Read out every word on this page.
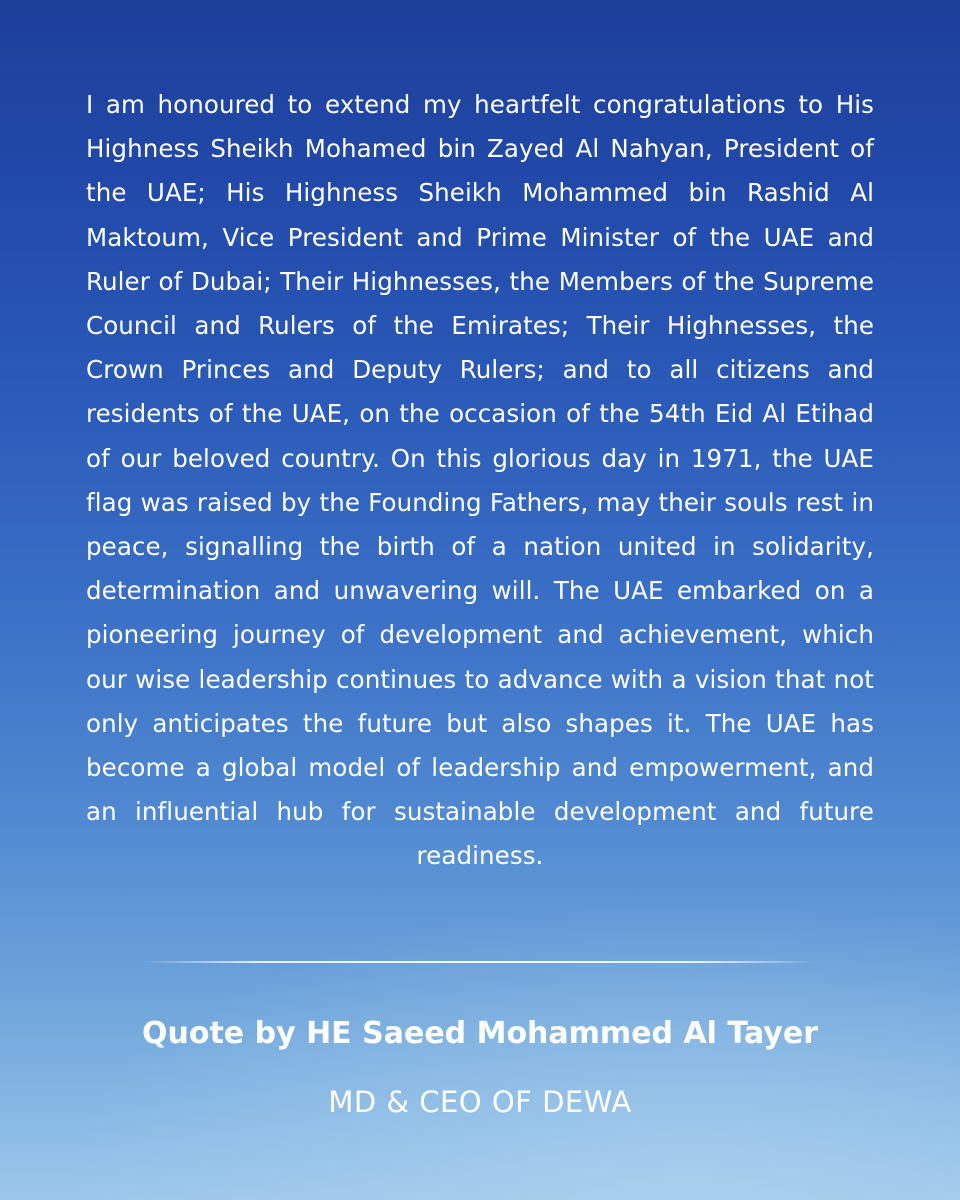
I am honoured to extend my heartfelt congratulations to His Highness Sheikh Mohamed bin Zayed Al Nahyan, President of the UAE; His Highness Sheikh Mohammed bin Rashid Al Maktoum, Vice President and Prime Minister of the UAE and Ruler of Dubai; Their Highnesses, the Members of the Supreme Council and Rulers of the Emirates; Their Highnesses, the Crown Princes and Deputy Rulers; and to all citizens and residents of the UAE, on the occasion of the 54th Eid Al Etihad of our beloved country. On this glorious day in 1971, the UAE flag was raised by the Founding Fathers, may their souls rest in peace, signalling the birth of a nation united in solidarity, determination and unwavering will. The UAE embarked on a pioneering journey of development and achievement, which our wise leadership continues to advance with a vision that not only anticipates the future but also shapes it. The UAE has become a global model of leadership and empowerment, and an influential hub for sustainable development and future readiness.

Quote by HE Saeed Mohammed Al Tayer
MD & CEO OF DEWA
